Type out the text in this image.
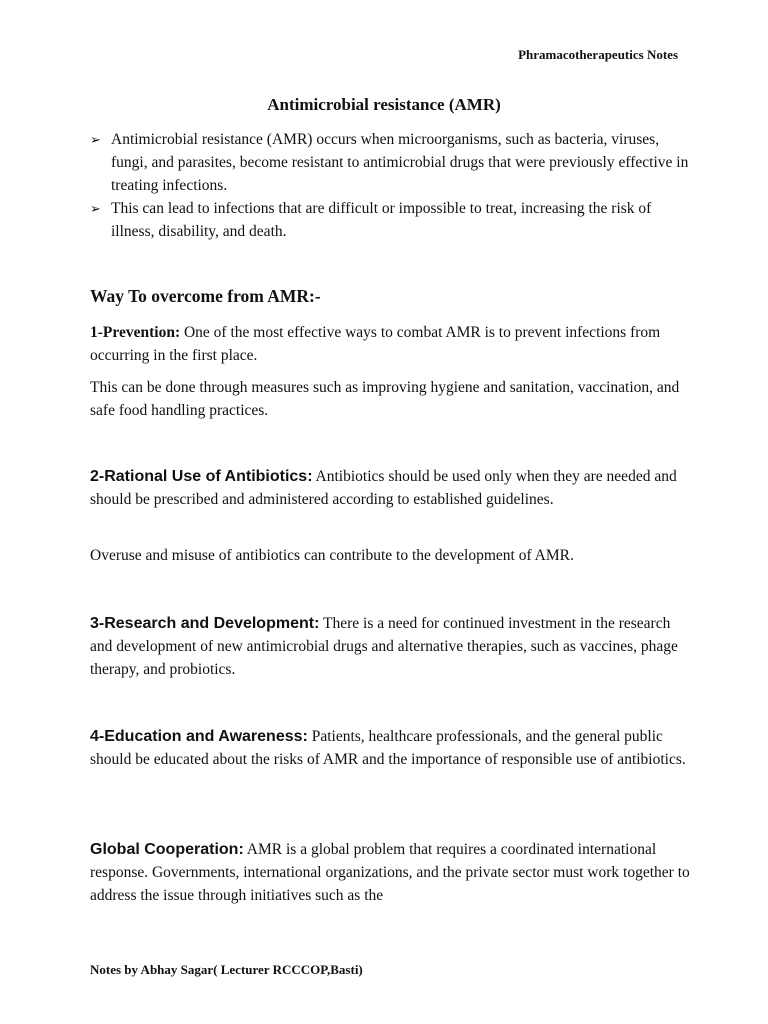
Phramacotherapeutics Notes
Antimicrobial resistance (AMR)
➢ Antimicrobial resistance (AMR) occurs when microorganisms, such as bacteria, viruses, fungi, and parasites, become resistant to antimicrobial drugs that were previously effective in treating infections.
➢ This can lead to infections that are difficult or impossible to treat, increasing the risk of illness, disability, and death.
Way To overcome from AMR:-

1-Prevention: One of the most effective ways to combat AMR is to prevent infections from occurring in the first place.

This can be done through measures such as improving hygiene and sanitation, vaccination, and safe food handling practices.

2-Rational Use of Antibiotics: Antibiotics should be used only when they are needed and should be prescribed and administered according to established guidelines.

Overuse and misuse of antibiotics can contribute to the development of AMR.

3-Research and Development: There is a need for continued investment in the research and development of new antimicrobial drugs and alternative therapies, such as vaccines, phage therapy, and probiotics.

4-Education and Awareness: Patients, healthcare professionals, and the general public should be educated about the risks of AMR and the importance of responsible use of antibiotics.

Global Cooperation: AMR is a global problem that requires a coordinated international response. Governments, international organizations, and the private sector must work together to address the issue through initiatives such as the

Notes by Abhay Sagar( Lecturer RCCCOP,Basti)
